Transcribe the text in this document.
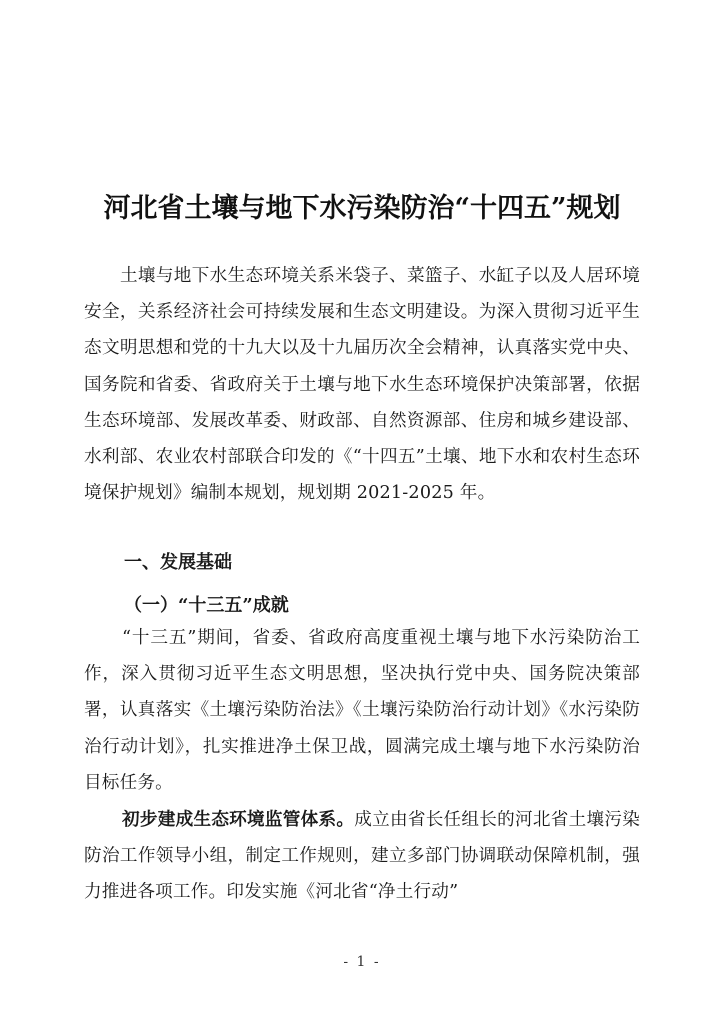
河北省土壤与地下水污染防治“十四五”规划
土壤与地下水生态环境关系米袋子、菜篮子、水缸子以及人居环境安全，关系经济社会可持续发展和生态文明建设。为深入贯彻习近平生态文明思想和党的十九大以及十九届历次全会精神，认真落实党中央、国务院和省委、省政府关于土壤与地下水生态环境保护决策部署，依据生态环境部、发展改革委、财政部、自然资源部、住房和城乡建设部、水利部、农业农村部联合印发的《“十四五”土壤、地下水和农村生态环境保护规划》编制本规划，规划期 2021-2025 年。
一、发展基础
（一）“十三五”成就
“十三五”期间，省委、省政府高度重视土壤与地下水污染防治工作，深入贯彻习近平生态文明思想，坚决执行党中央、国务院决策部署，认真落实《土壤污染防治法》《土壤污染防治行动计划》《水污染防治行动计划》，扎实推进净土保卫战，圆满完成土壤与地下水污染防治目标任务。
初步建成生态环境监管体系。成立由省长任组长的河北省土壤污染防治工作领导小组，制定工作规则，建立多部门协调联动保障机制，强力推进各项工作。印发实施《河北省“净土行动”
- 1 -
